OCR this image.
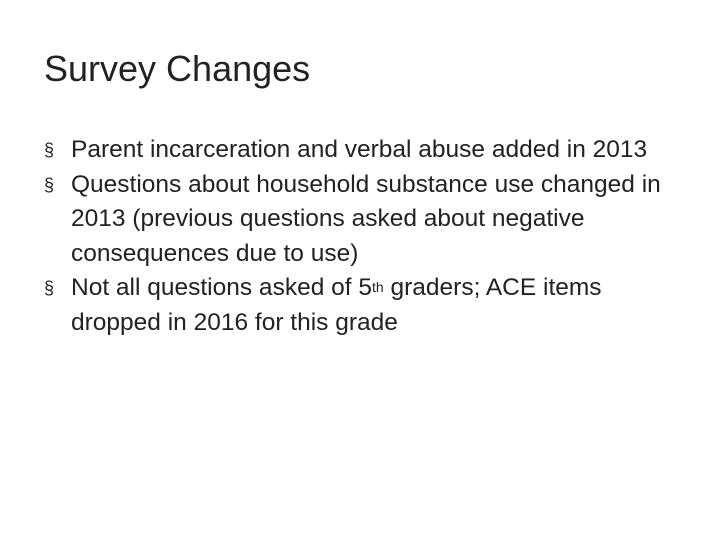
Survey Changes
§ Parent incarceration and verbal abuse added in 2013
§ Questions about household substance use changed in 2013 (previous questions asked about negative consequences due to use)
§ Not all questions asked of 5th graders; ACE items dropped in 2016 for this grade
